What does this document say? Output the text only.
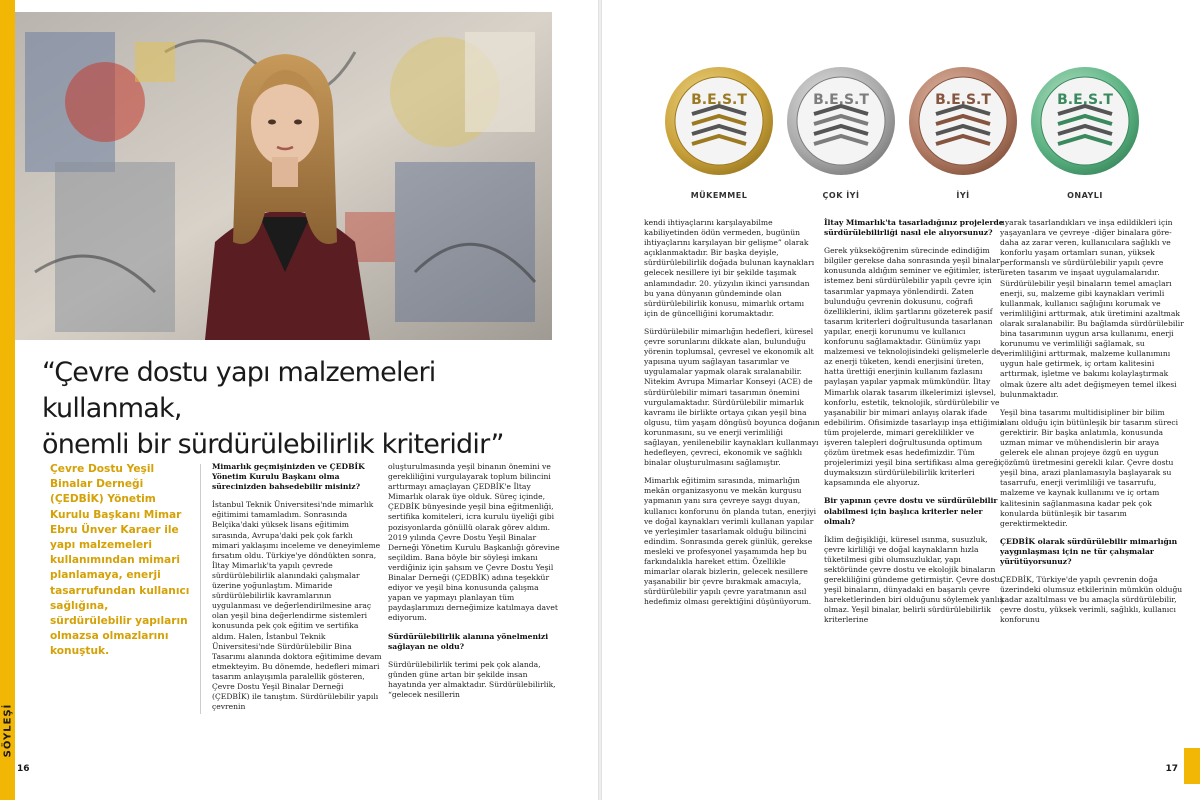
SÖYLEŞİ
“Çevre dostu yapı malzemeleri kullanmak,
önemli bir sürdürülebilirlik kriteridir”
Çevre Dostu Yeşil Binalar Derneği (ÇEDBİK) Yönetim Kurulu Başkanı Mimar Ebru Ünver Karaer ile yapı malzemeleri kullanımından mimari planlamaya, enerji tasarrufundan kullanıcı sağlığına, sürdürülebilir yapıların olmazsa olmazlarını konuştuk.

Mimarlık geçmişinizden ve ÇEDBİK Yönetim Kurulu Başkanı olma sürecinizden bahsedebilir misiniz?

İstanbul Teknik Üniversitesi'nde mimarlık eğitimimi tamamladım. Sonrasında Belçika'daki yüksek lisans eğitimim sırasında, Avrupa'daki pek çok farklı mimari yaklaşımı inceleme ve deneyimleme fırsatım oldu. Türkiye'ye döndükten sonra, İltay Mimarlık'ta yapılı çevrede sürdürülebilirlik alanındaki çalışmalar üzerine yoğunlaştım. Mimaride sürdürülebilirlik kavramlarının uygulanması ve değerlendirilmesine araç olan yeşil bina değerlendirme sistemleri konusunda pek çok eğitim ve sertifika aldım. Halen, İstanbul Teknik Üniversitesi'nde Sürdürülebilir Bina Tasarımı alanında doktora eğitimime devam etmekteyim. Bu dönemde, hedefleri mimari tasarım anlayışımla paralellik gösteren, Çevre Dostu Yeşil Binalar Derneği (ÇEDBİK) ile tanıştım. Sürdürülebilir yapılı çevrenin

oluşturulmasında yeşil binanın önemini ve gerekliliğini vurgulayarak toplum bilincini arttırmayı amaçlayan ÇEDBİK'e İltay Mimarlık olarak üye olduk. Süreç içinde, ÇEDBİK bünyesinde yeşil bina eğitmenliği, sertifika komiteleri, icra kurulu üyeliği gibi pozisyonlarda gönüllü olarak görev aldım. 2019 yılında Çevre Dostu Yeşil Binalar Derneği Yönetim Kurulu Başkanlığı görevine seçildim. Bana böyle bir söyleşi imkanı verdiğiniz için şahsım ve Çevre Dostu Yeşil Binalar Derneği (ÇEDBİK) adına teşekkür ediyor ve yeşil bina konusunda çalışma yapan ve yapmayı planlayan tüm paydaşlarımızı derneğimize katılmaya davet ediyorum.

Sürdürülebilirlik alanına yönelmenizi sağlayan ne oldu?

Sürdürülebilirlik terimi pek çok alanda, günden güne artan bir şekilde insan hayatında yer almaktadır. Sürdürülebilirlik, “gelecek nesillerin

16
B.E.S.T
MÜKEMMEL
B.E.S.T
ÇOK İYİ
B.E.S.T
İYİ
B.E.S.T
ONAYLI

kendi ihtiyaçlarını karşılayabilme kabiliyetinden ödün vermeden, bugünün ihtiyaçlarını karşılayan bir gelişme” olarak açıklanmaktadır. Bir başka deyişle, sürdürülebilirlik doğada bulunan kaynakları gelecek nesillere iyi bir şekilde taşımak anlamındadır. 20. yüzyılın ikinci yarısından bu yana dünyanın gündeminde olan sürdürülebilirlik konusu, mimarlık ortamı için de güncelliğini korumaktadır.

Sürdürülebilir mimarlığın hedefleri, küresel çevre sorunlarını dikkate alan, bulunduğu yörenin toplumsal, çevresel ve ekonomik alt yapısına uyum sağlayan tasarımlar ve uygulamalar yapmak olarak sıralanabilir. Nitekim Avrupa Mimarlar Konseyi (ACE) de sürdürülebilir mimari tasarımın önemini vurgulamaktadır. Sürdürülebilir mimarlık kavramı ile birlikte ortaya çıkan yeşil bina olgusu, tüm yaşam döngüsü boyunca doğanın korunmasını, su ve enerji verimliliği sağlayan, yenilenebilir kaynakları kullanmayı hedefleyen, çevreci, ekonomik ve sağlıklı binalar oluşturulmasını sağlamıştır.

Mimarlık eğitimim sırasında, mimarlığın mekân organizasyonu ve mekân kurgusu yapmanın yanı sıra çevreye saygı duyan, kullanıcı konforunu ön planda tutan, enerjiyi ve doğal kaynakları verimli kullanan yapılar ve yerleşimler tasarlamak olduğu bilincini edindim. Sonrasında gerek günlük, gerekse mesleki ve profesyonel yaşamımda hep bu farkındalıkla hareket ettim. Özellikle mimarlar olarak bizlerin, gelecek nesillere yaşanabilir bir çevre bırakmak amacıyla, sürdürülebilir yapılı çevre yaratmanın asıl hedefimiz olması gerektiğini düşünüyorum.

İltay Mimarlık'ta tasarladığınız projelerde sürdürülebilirliği nasıl ele alıyorsunuz?

Gerek yükseköğrenim sürecinde edindiğim bilgiler gerekse daha sonrasında yeşil binalar konusunda aldığım seminer ve eğitimler, ister istemez beni sürdürülebilir yapılı çevre için tasarımlar yapmaya yönlendirdi. Zaten bulunduğu çevrenin dokusunu, coğrafi özelliklerini, iklim şartlarını gözeterek pasif tasarım kriterleri doğrultusunda tasarlanan yapılar, enerji korunumu ve kullanıcı konforunu sağlamaktadır. Günümüz yapı malzemesi ve teknolojisindeki gelişmelerle de az enerji tüketen, kendi enerjisini üreten, hatta ürettiği enerjinin kullanım fazlasını paylaşan yapılar yapmak mümkündür. İltay Mimarlık olarak tasarım ilkelerimizi işlevsel, konforlu, estetik, teknolojik, sürdürülebilir ve yaşanabilir bir mimari anlayış olarak ifade edebilirim. Ofisimizde tasarlayıp inşa ettiğimiz tüm projelerde, mimari gereklilikler ve işveren talepleri doğrultusunda optimum çözüm üretmek esas hedefimizdir. Tüm projelerimizi yeşil bina sertifikası alma gereği duymaksızın sürdürülebilirlik kriterleri kapsamında ele alıyoruz.

Bir yapının çevre dostu ve sürdürülebilir olabilmesi için başlıca kriterler neler olmalı?

İklim değişikliği, küresel ısınma, susuzluk, çevre kirliliği ve doğal kaynakların hızla tüketilmesi gibi olumsuzluklar, yapı sektöründe çevre dostu ve ekolojik binaların gerekliliğini gündeme getirmiştir. Çevre dostu yeşil binaların, dünyadaki en başarılı çevre hareketlerinden biri olduğunu söylemek yanlış olmaz. Yeşil binalar, belirli sürdürülebilirlik kriterlerine

uyarak tasarlandıkları ve inşa edildikleri için yaşayanlara ve çevreye -diğer binalara göre- daha az zarar veren, kullanıcılara sağlıklı ve konforlu yaşam ortamları sunan, yüksek performanslı ve sürdürülebilir yapılı çevre üreten tasarım ve inşaat uygulamalarıdır. Sürdürülebilir yeşil binaların temel amaçları enerji, su, malzeme gibi kaynakları verimli kullanmak, kullanıcı sağlığını korumak ve verimliliğini arttırmak, atık üretimini azaltmak olarak sıralanabilir. Bu bağlamda sürdürülebilir bina tasarımının uygun arsa kullanımı, enerji korunumu ve verimliliği sağlamak, su verimliliğini arttırmak, malzeme kullanımını uygun hale getirmek, iç ortam kalitesini arttırmak, işletme ve bakımı kolaylaştırmak olmak üzere altı adet değişmeyen temel ilkesi bulunmaktadır.

Yeşil bina tasarımı multidisipliner bir bilim alanı olduğu için bütünleşik bir tasarım süreci gerektirir. Bir başka anlatımla, konusunda uzman mimar ve mühendislerin bir araya gelerek ele alınan projeye özgü en uygun çözümü üretmesini gerekli kılar. Çevre dostu yeşil bina, arazi planlamasıyla başlayarak su tasarrufu, enerji verimliliği ve tasarrufu, malzeme ve kaynak kullanımı ve iç ortam kalitesinin sağlanmasına kadar pek çok konularda bütünleşik bir tasarım gerektirmektedir.

ÇEDBİK olarak sürdürülebilir mimarlığın yaygınlaşması için ne tür çalışmalar yürütüyorsunuz?

ÇEDBİK, Türkiye'de yapılı çevrenin doğa üzerindeki olumsuz etkilerinin mümkün olduğu kadar azaltılması ve bu amaçla sürdürülebilir, çevre dostu, yüksek verimli, sağlıklı, kullanıcı konforunu

17
